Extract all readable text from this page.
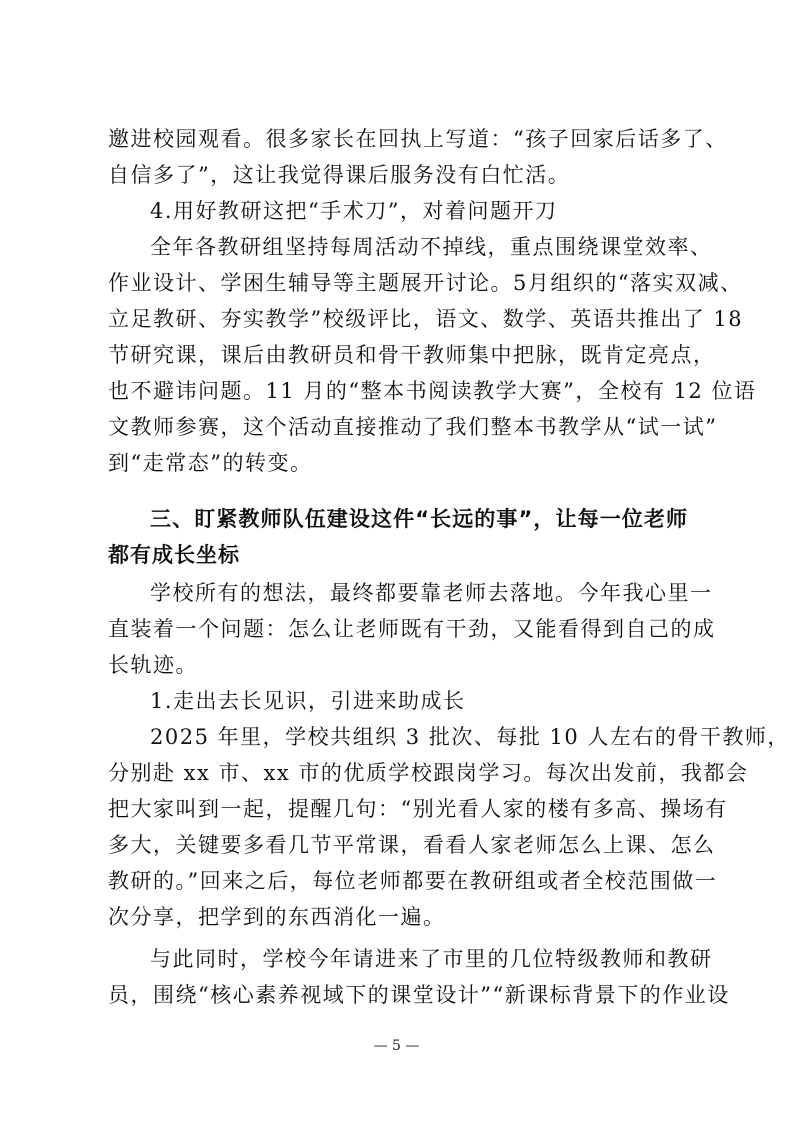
邀进校园观看。很多家长在回执上写道：“孩子回家后话多了、
自信多了”，这让我觉得课后服务没有白忙活。
4.用好教研这把“手术刀”，对着问题开刀
全年各教研组坚持每周活动不掉线，重点围绕课堂效率、
作业设计、学困生辅导等主题展开讨论。5月组织的“落实双减、
立足教研、夯实教学”校级评比，语文、数学、英语共推出了 18
节研究课，课后由教研员和骨干教师集中把脉，既肯定亮点，
也不避讳问题。11 月的“整本书阅读教学大赛”，全校有 12 位语
文教师参赛，这个活动直接推动了我们整本书教学从“试一试”
到“走常态”的转变。
三、盯紧教师队伍建设这件“长远的事”，让每一位老师
都有成长坐标
学校所有的想法，最终都要靠老师去落地。今年我心里一
直装着一个问题：怎么让老师既有干劲，又能看得到自己的成
长轨迹。
1.走出去长见识，引进来助成长
2025 年里，学校共组织 3 批次、每批 10 人左右的骨干教师，
分别赴 xx 市、xx 市的优质学校跟岗学习。每次出发前，我都会
把大家叫到一起，提醒几句：“别光看人家的楼有多高、操场有
多大，关键要多看几节平常课，看看人家老师怎么上课、怎么
教研的。”回来之后，每位老师都要在教研组或者全校范围做一
次分享，把学到的东西消化一遍。
与此同时，学校今年请进来了市里的几位特级教师和教研
员，围绕“核心素养视域下的课堂设计”“新课标背景下的作业设
— 5 —
